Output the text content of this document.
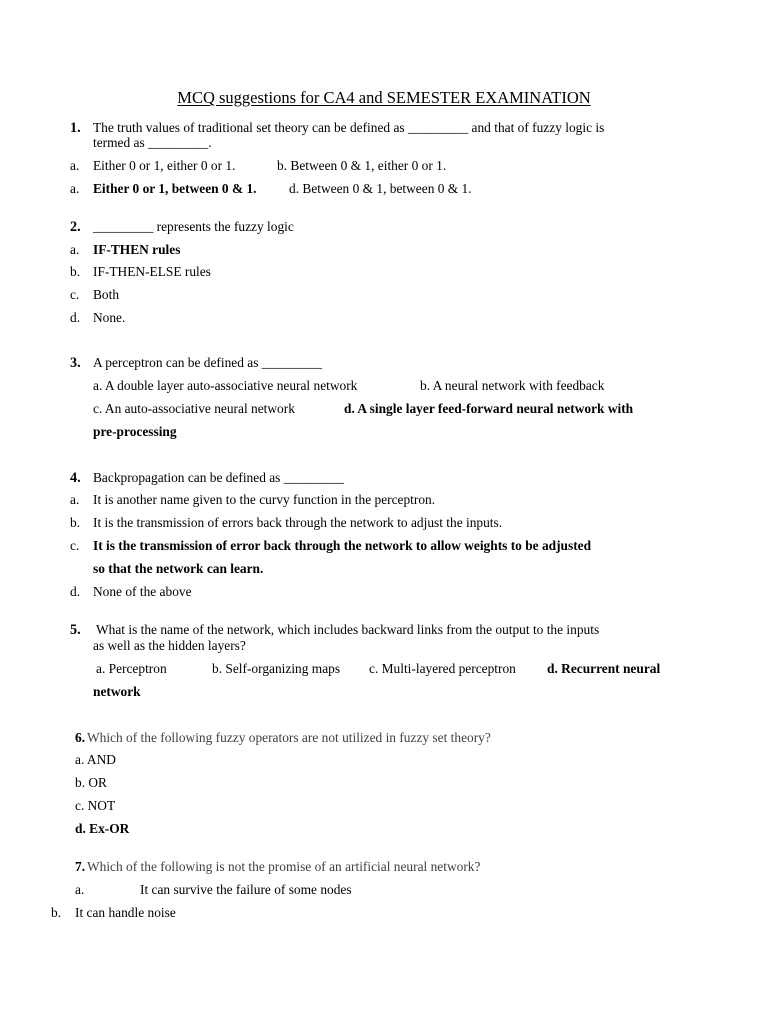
MCQ suggestions for CA4 and SEMESTER EXAMINATION
1. The truth values of traditional set theory can be defined as _________ and that of fuzzy logic is
termed as _________.
a. Either 0 or 1, either 0 or 1.	b. Between 0 & 1, either 0 or 1.
a. Either 0 or 1, between 0 & 1. d. Between 0 & 1, between 0 & 1.
2. _________ represents the fuzzy logic
a. IF-THEN rules
b. IF-THEN-ELSE rules
c. Both
d. None.
3. A perceptron can be defined as _________
a. A double layer auto-associative neural network	b. A neural network with feedback
c. An auto-associative neural network	d. A single layer feed-forward neural network with
pre-processing
4. Backpropagation can be defined as _________
a. It is another name given to the curvy function in the perceptron.
b. It is the transmission of errors back through the network to adjust the inputs.
c. It is the transmission of error back through the network to allow weights to be adjusted
so that the network can learn.
d. None of the above
5. What is the name of the network, which includes backward links from the output to the inputs
as well as the hidden layers?
a. Perceptron	b. Self-organizing maps c. Multi-layered perceptron d. Recurrent neural
network
6. Which of the following fuzzy operators are not utilized in fuzzy set theory?
a. AND
b. OR
c. NOT
d. Ex-OR
7. Which of the following is not the promise of an artificial neural network?
a.	It can survive the failure of some nodes
b. It can handle noise
